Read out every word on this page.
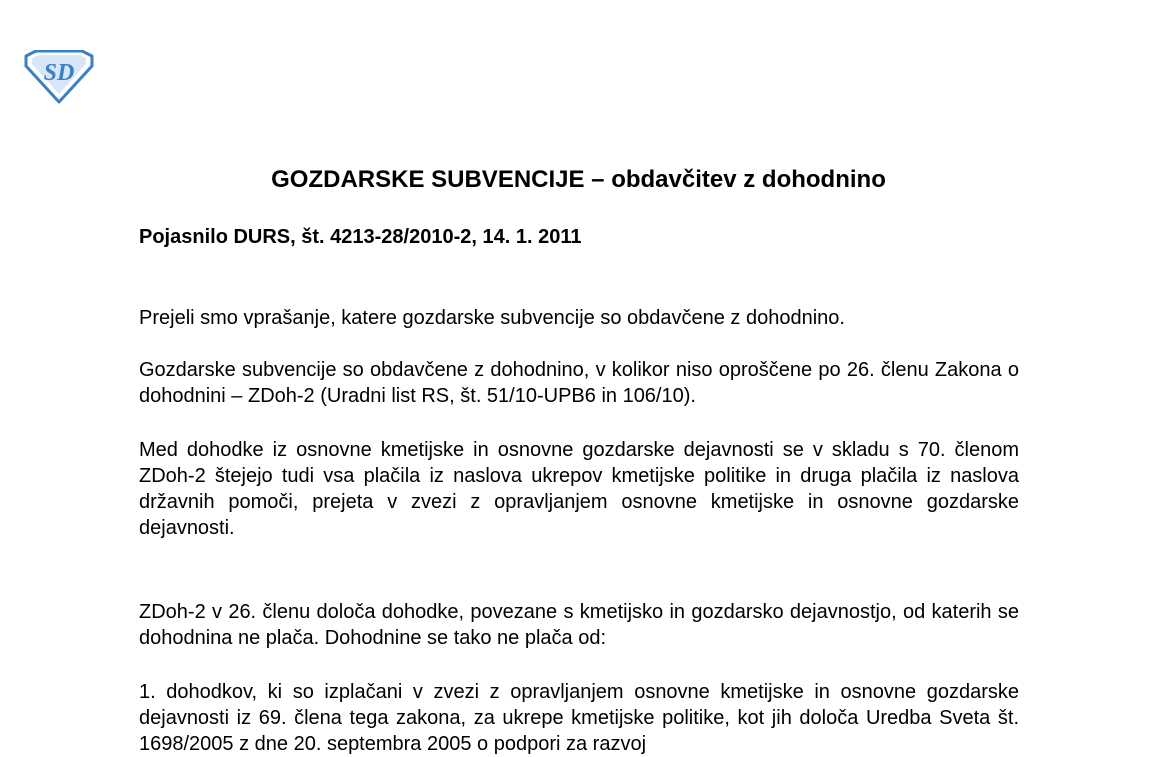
SD
GOZDARSKE SUBVENCIJE – obdavčitev z dohodnino
Pojasnilo DURS, št. 4213-28/2010-2, 14. 1. 2011

Prejeli smo vprašanje, katere gozdarske subvencije so obdavčene z dohodnino.

Gozdarske subvencije so obdavčene z dohodnino, v kolikor niso oproščene po 26. členu Zakona o dohodnini – ZDoh-2 (Uradni list RS, št. 51/10-UPB6 in 106/10).

Med dohodke iz osnovne kmetijske in osnovne gozdarske dejavnosti se v skladu s 70. členom ZDoh-2 štejejo tudi vsa plačila iz naslova ukrepov kmetijske politike in druga plačila iz naslova državnih pomoči, prejeta v zvezi z opravljanjem osnovne kmetijske in osnovne gozdarske dejavnosti.

ZDoh-2 v 26. členu določa dohodke, povezane s kmetijsko in gozdarsko dejavnostjo, od katerih se dohodnina ne plača. Dohodnine se tako ne plača od:

1. dohodkov, ki so izplačani v zvezi z opravljanjem osnovne kmetijske in osnovne gozdarske dejavnosti iz 69. člena tega zakona, za ukrepe kmetijske politike, kot jih določa Uredba Sveta št. 1698/2005 z dne 20. septembra 2005 o podpori za razvoj
